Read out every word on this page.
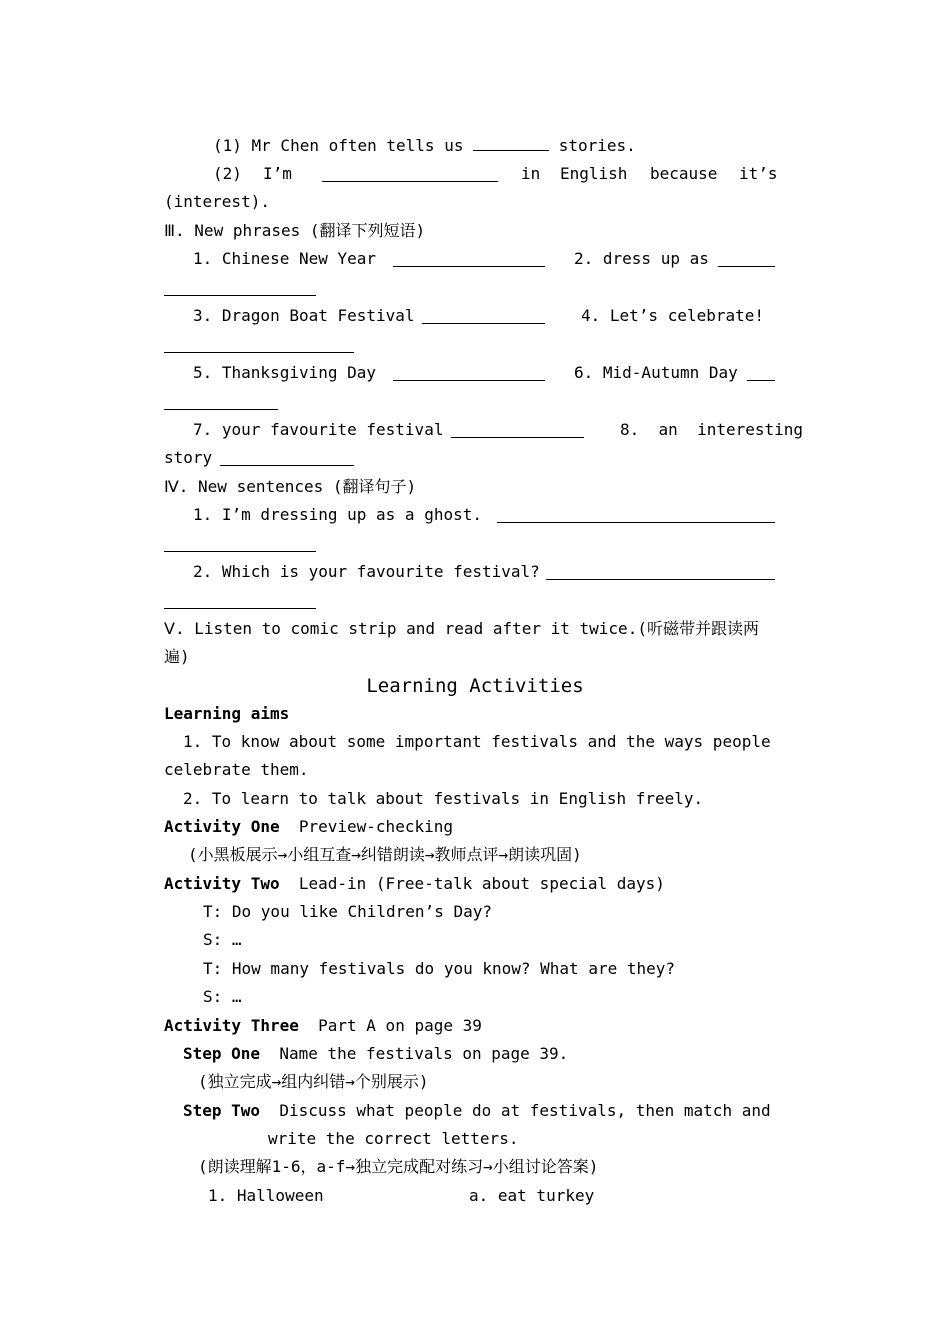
(1) Mr Chen often tells us	stories.
(2) I’m	in English because it’s
(interest).
Ⅲ. New phrases (翻译下列短语)
1. Chinese New Year	2. dress up as
3. Dragon Boat Festival	4. Let’s celebrate!
5. Thanksgiving Day	6. Mid-Autumn Day
7. your favourite festival	8.  an  interesting
story
Ⅳ. New sentences (翻译句子)
1. I’m dressing up as a ghost.
2. Which is your favourite festival?
Ⅴ. Listen to comic strip and read after it twice.(听磁带并跟读两
遍)
Learning Activities
Learning aims
1. To know about some important festivals and the ways people
celebrate them.
2. To learn to talk about festivals in English freely.
Activity One Preview-checking
(小黑板展示→小组互查→纠错朗读→教师点评→朗读巩固)
Activity Two Lead-in (Free-talk about special days)
T: Do you like Children’s Day?
S: …
T: How many festivals do you know? What are they?
S: …
Activity Three Part A on page 39
Step One Name the festivals on page 39.
(独立完成→组内纠错→个别展示)
Step Two Discuss what people do at festivals, then match and
write the correct letters.
(朗读理解1-6，a-f→独立完成配对练习→小组讨论答案)
1. Halloween	a. eat turkey
